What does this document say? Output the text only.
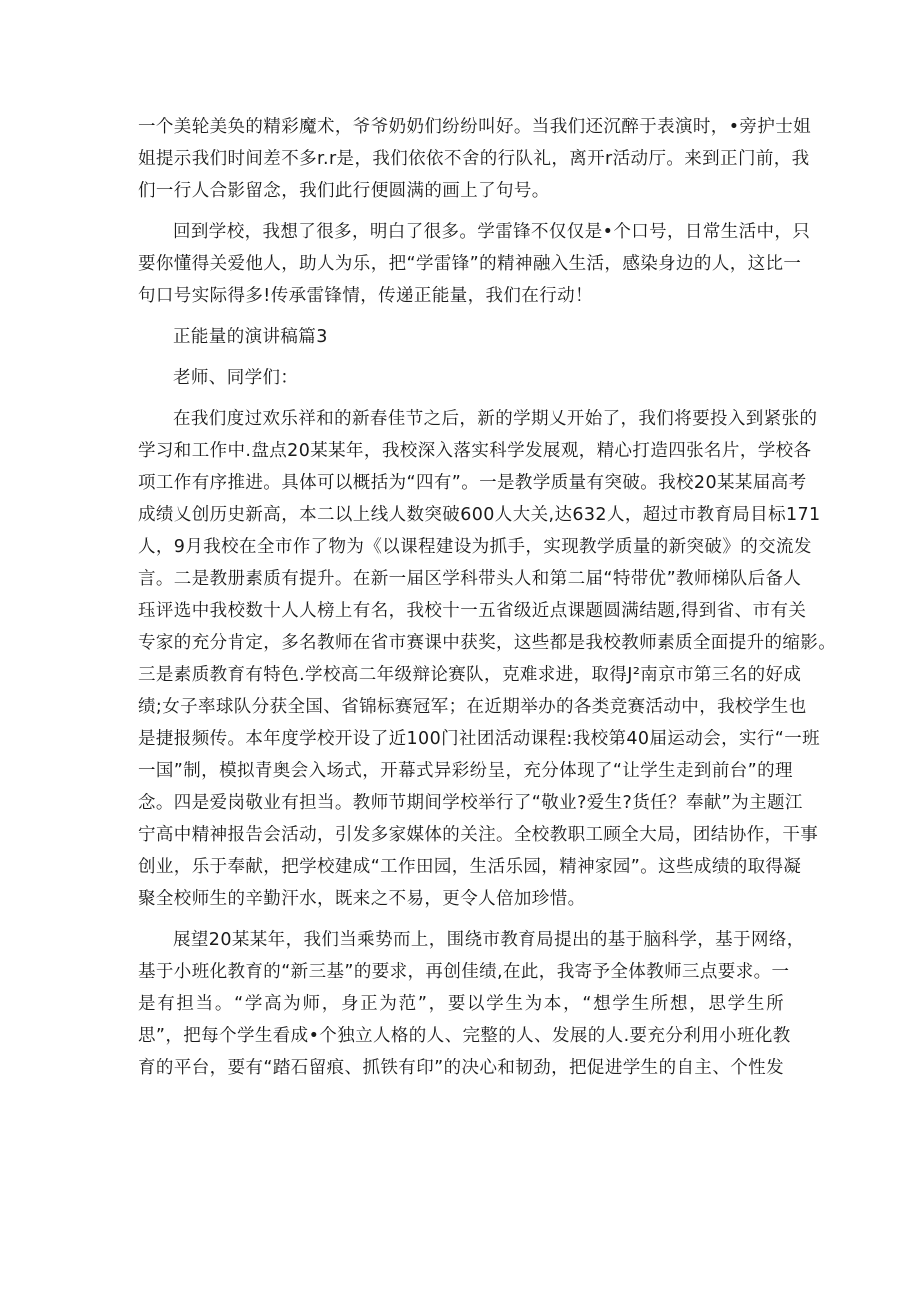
一个美轮美奂的精彩魔术，爷爷奶奶们纷纷叫好。当我们还沉醉于表演时，•旁护士姐
姐提示我们时间差不多r.r是，我们依依不舍的行队礼，离开r活动厅。来到正门前，我
们一行人合影留念，我们此行便圆满的画上了句号。
回到学校，我想了很多，明白了很多。学雷锋不仅仅是•个口号，日常生活中，只
要你懂得关爱他人，助人为乐，把“学雷锋”的精神融入生活，感染身边的人，这比一
句口号实际得多!传承雷锋情，传递正能量，我们在行动！
正能量的演讲稿篇3
老师、同学们：
在我们度过欢乐祥和的新春佳节之后，新的学期乂开始了，我们将要投入到紧张的
学习和工作中.盘点20某某年，我校深入落实科学发展观，精心打造四张名片，学校各
项工作有序推进。具体可以概括为“四有”。一是教学质量有突破。我校20某某届高考
成绩乂创历史新高，本二以上线人数突破600人大关,达632人，超过市教育局目标171
人，9月我校在全市作了物为《以课程建设为抓手，实现教学质量的新突破》的交流发
言。二是教册素质有提升。在新一届区学科带头人和第二届“特带优”教师梯队后备人
珏评选中我校数十人人榜上有名，我校十一五省级近点课题圆满结题,得到省、市有关
专家的充分肯定，多名教师在省市赛课中获奖，这些都是我校教师素质全面提升的缩影。
三是素质教育有特色.学校高二年级辩论赛队，克难求进，取得J²南京市第三名的好成
绩;女子率球队分获全国、省锦标赛冠军；在近期举办的各类竞赛活动中，我校学生也
是捷报频传。本年度学校开设了近100门社团活动课程:我校第40届运动会，实行“一班
一国”制，模拟青奥会入场式，开幕式异彩纷呈，充分体现了“让学生走到前台”的理
念。四是爱岗敬业有担当。教师节期间学校举行了“敬业?爱生?货任？奉献”为主题江
宁高中精神报告会活动，引发多家媒体的关注。全校教职工顾全大局，团结协作，干事
创业，乐于奉献，把学校建成“工作田园，生活乐园，精神家园”。这些成绩的取得凝
聚全校师生的辛勤汗水，既来之不易，更令人倍加珍惜。
展望20某某年，我们当乘势而上，围绕市教育局提出的基于脑科学，基于网络，
基于小班化教育的“新三基”的要求，再创佳绩,在此，我寄予全体教师三点要求。一
是有担当。“学高为师，身正为范”，要以学生为本，“想学生所想，思学生所
思”，把每个学生看成•个独立人格的人、完整的人、发展的人.要充分利用小班化教
育的平台，要有“踏石留痕、抓铁有印”的决心和韧劲，把促进学生的自主、个性发
